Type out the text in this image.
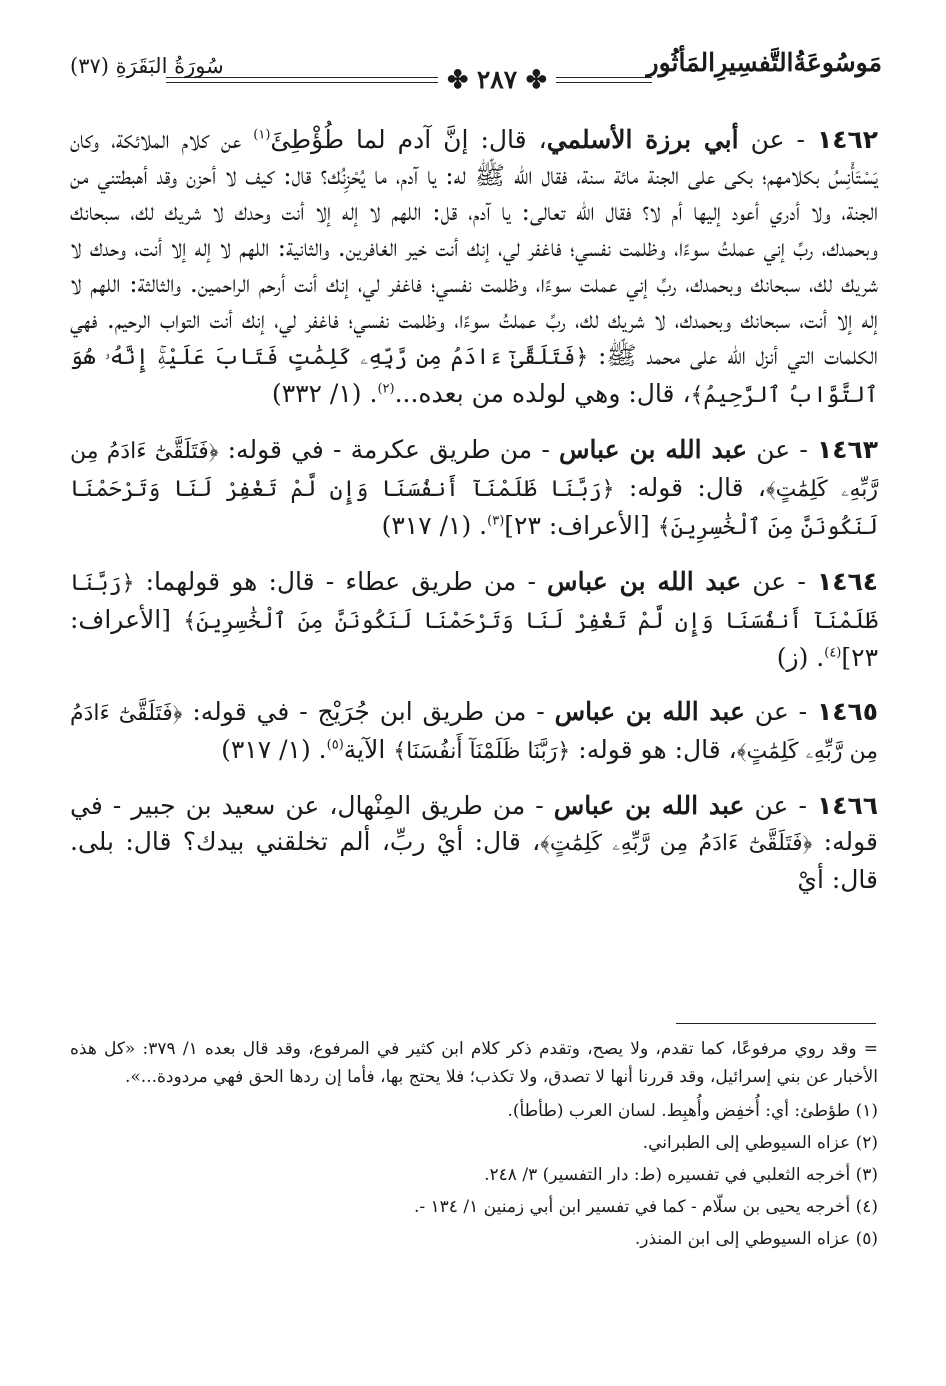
مَوسُوعَةُالتَّفسِيرِالمَأثُور
سُورَةُ البَقَرَةِ (٣٧)	✤ ٢٨٧ ✤

١٤٦٢ - عن أبي برزة الأسلمي، قال: إنَّ آدم لما طُؤْطِئَ$^{(١)}$ عن كلام الملائكة، وكان يَسْتَأْنِسُ بكلامهم؛ بكى على الجنة مائة سنة، فقال الله ﷺ له: يا آدم، ما يُحْزِنُك؟ قال: كيف لا أحزن وقد أهبطتني من الجنة، ولا أدري أعود إليها أم لا؟ فقال الله تعالى: يا آدم، قل: اللهم لا إله إلا أنت وحدك لا شريك لك، سبحانك وبحمدك، ربِّ إني عملتُ سوءًا، وظلمت نفسي؛ فاغفر لي، إنك أنت خير الغافرين. والثانية: اللهم لا إله إلا أنت، وحدك لا شريك لك، سبحانك وبحمدك، ربِّ إني عملت سوءًا، وظلمت نفسي؛ فاغفر لي، إنك أنت أرحم الراحمين. والثالثة: اللهم لا إله إلا أنت، سبحانك وبحمدك، لا شريك لك، ربِّ عملتُ سوءًا، وظلمت نفسي؛ فاغفر لي، إنك أنت التواب الرحيم. فهي الكلمات التي أنزل الله على محمد ﷺ: ﴿فَتَلَقَّىٰٓ ءَادَمُ مِن رَّبِّهِۦ كَلِمَٰتٍ فَتَابَ عَلَيْهِۚ إِنَّهُۥ هُوَ ٱلتَّوَّابُ ٱلرَّحِيمُ﴾، قال: وهي لولده من بعده...$^{(٢)}$. (١/ ٣٣٢)

١٤٦٣ - عن عبد الله بن عباس - من طريق عكرمة - في قوله: ﴿فَتَلَقَّىٰٓ ءَادَمُ مِن رَّبِّهِۦ كَلِمَٰتٍ﴾، قال: قوله: ﴿رَبَّنَا ظَلَمْنَآ أَنفُسَنَا وَإِن لَّمْ تَغْفِرْ لَنَا وَتَرْحَمْنَا لَنَكُونَنَّ مِنَ ٱلْخَٰسِرِينَ﴾ [الأعراف: ٢٣]$^{(٣)}$. (١/ ٣١٧)

١٤٦٤ - عن عبد الله بن عباس - من طريق عطاء - قال: هو قولهما: ﴿رَبَّنَا ظَلَمْنَآ أَنفُسَنَا وَإِن لَّمْ تَغْفِرْ لَنَا وَتَرْحَمْنَا لَنَكُونَنَّ مِنَ ٱلْخَٰسِرِينَ﴾ [الأعراف: ٢٣]$^{(٤)}$. (ز)

١٤٦٥ - عن عبد الله بن عباس - من طريق ابن جُرَيْج - في قوله: ﴿فَتَلَقَّىٰٓ ءَادَمُ مِن رَّبِّهِۦ كَلِمَٰتٍ﴾، قال: هو قوله: ﴿رَبَّنَا ظَلَمْنَآ أَنفُسَنَا﴾ الآية$^{(٥)}$. (١/ ٣١٧)

١٤٦٦ - عن عبد الله بن عباس - من طريق المِنْهال، عن سعيد بن جبير - في قوله: ﴿فَتَلَقَّىٰٓ ءَادَمُ مِن رَّبِّهِۦ كَلِمَٰتٍ﴾، قال: أيْ ربِّ، ألم تخلقني بيدك؟ قال: بلى. قال: أيْ

= وقد روي مرفوعًا، كما تقدم، ولا يصح، وتقدم ذكر كلام ابن كثير في المرفوع، وقد قال بعده ١/ ٣٧٩: «كل هذه الأخبار عن بني إسرائيل، وقد قررنا أنها لا تصدق، ولا تكذب؛ فلا يحتج بها، فأما إن ردها الحق فهي مردودة...».

(١) طؤطئ: أي: أُخفِض وأُهبِط. لسان العرب (طأطأ).

(٢) عزاه السيوطي إلى الطبراني.

(٣) أخرجه الثعلبي في تفسيره (ط: دار التفسير) ٣/ ٢٤٨.

(٤) أخرجه يحيى بن سلّام - كما في تفسير ابن أبي زمنين ١/ ١٣٤ -.

(٥) عزاه السيوطي إلى ابن المنذر.
